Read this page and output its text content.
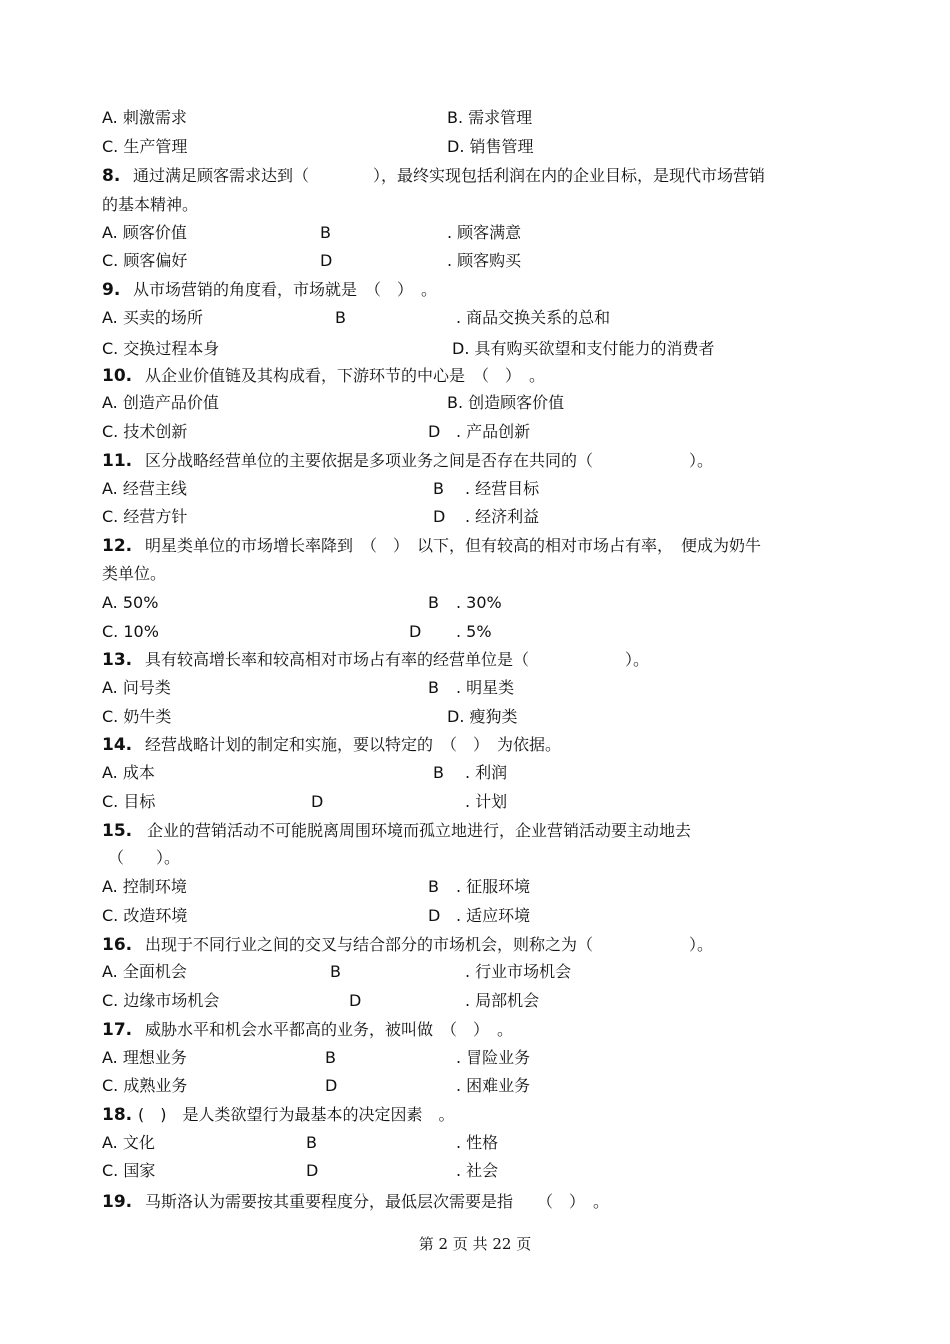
A. 刺激需求	B. 需求管理
C. 生产管理	D. 销售管理
8. 通过满足顾客需求达到（　　　　），最终实现包括利润在内的企业目标，是现代市场营销
的基本精神。
A. 顾客价值	B	. 顾客满意
C. 顾客偏好	D	. 顾客购买
9. 从市场营销的角度看，市场就是　（　）　。
A. 买卖的场所	B	. 商品交换关系的总和
C. 交换过程本身	D. 具有购买欲望和支付能力的消费者
10. 从企业价值链及其构成看，下游环节的中心是　（　）　。
A. 创造产品价值	B. 创造顾客价值
C. 技术创新	D . 产品创新
11. 区分战略经营单位的主要依据是多项业务之间是否存在共同的（　　　　　　）。
A. 经营主线	B . 经营目标
C. 经营方针	D . 经济利益
12. 明星类单位的市场增长率降到　（　）　以下，但有较高的相对市场占有率，　便成为奶牛
类单位。
A. 50%	B . 30%
C. 10%	D . 5%
13. 具有较高增长率和较高相对市场占有率的经营单位是（　　　　　　）。
A. 问号类	B . 明星类
C. 奶牛类	D. 瘦狗类
14. 经营战略计划的制定和实施，要以特定的　（　）　为依据。
A. 成本	B . 利润
C. 目标	D	. 计划
15. 企业的营销活动不可能脱离周围环境而孤立地进行，企业营销活动要主动地去
（　　）。
A. 控制环境	B . 征服环境
C. 改造环境	D . 适应环境
16. 出现于不同行业之间的交叉与结合部分的市场机会，则称之为（　　　　　　）。
A. 全面机会	B	. 行业市场机会
C. 边缘市场机会	D	. 局部机会
17. 威胁水平和机会水平都高的业务，被叫做　（　）　。
A. 理想业务	B	. 冒险业务
C. 成熟业务	D	. 困难业务
18. (　)　是人类欲望行为最基本的决定因素　。
A. 文化	B	. 性格
C. 国家	D	. 社会
19. 马斯洛认为需要按其重要程度分，最低层次需要是指　　（　）　。
第 2 页 共 22 页
